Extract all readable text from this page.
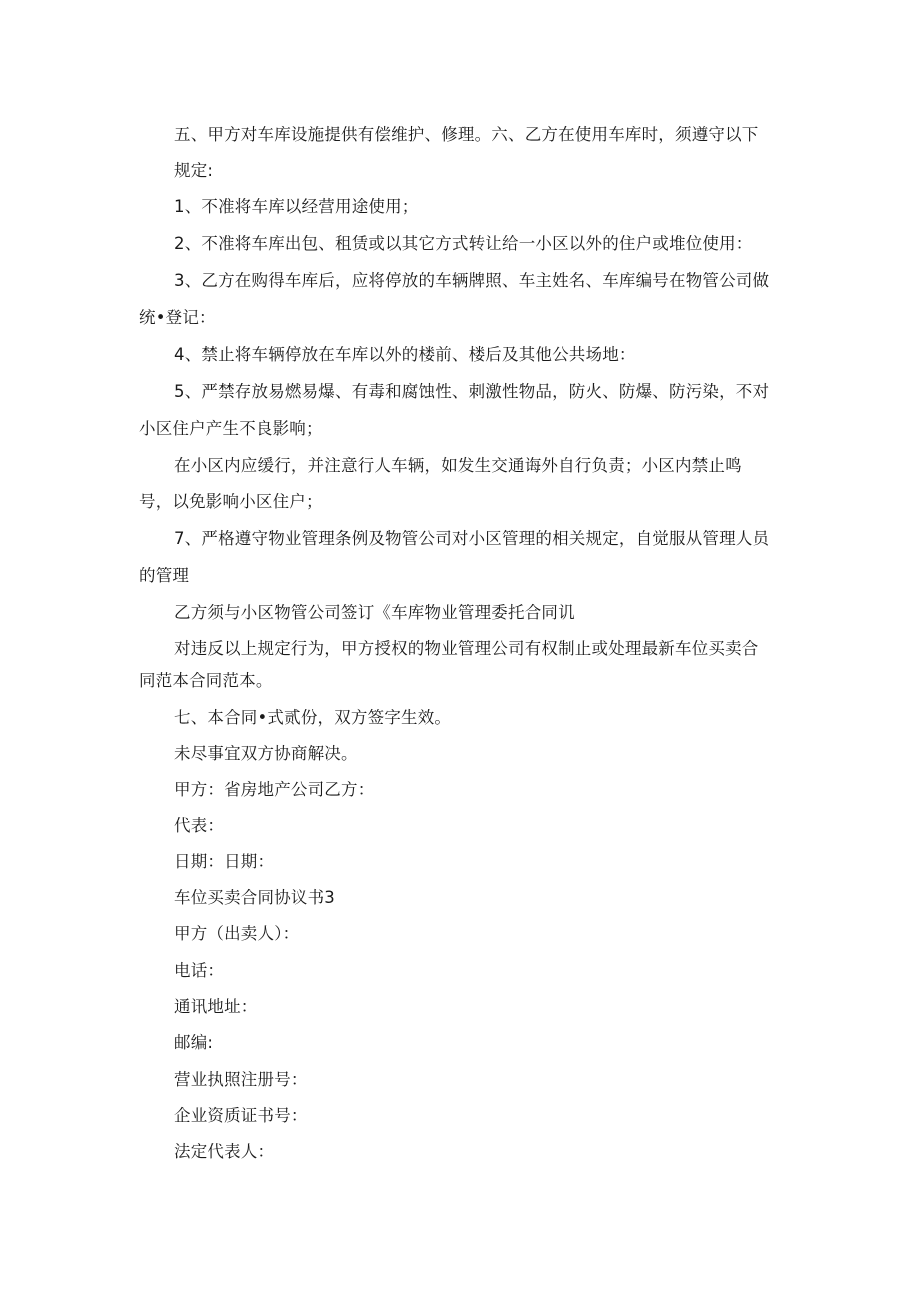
五、甲方对车库设施提供有偿维护、修理。六、乙方在使用车库时，须遵守以下
规定:
1、不准将车库以经营用途使用；
2、不准将车库出包、租赁或以其它方式转让给一小区以外的住户或堆位使用：
3、乙方在购得车库后，应将停放的车辆牌照、车主姓名、车库编号在物管公司做
统•登记：
4、禁止将车辆停放在车库以外的楼前、楼后及其他公共场地：
5、严禁存放易燃易爆、有毒和腐蚀性、刺激性物品，防火、防爆、防污染，不对
小区住户产生不良影响；
在小区内应缓行，并注意行人车辆，如发生交通诲外自行负责；小区内禁止鸣
号，以免影响小区住户；
7、严格遵守物业管理条例及物管公司对小区管理的相关规定，自觉服从管理人员
的管理
乙方须与小区物管公司签订《车库物业管理委托合同讥
对违反以上规定行为，甲方授权的物业管理公司有权制止或处理最新车位买卖合
同范本合同范本。
七、本合同•式贰份，双方签字生效。
未尽事宜双方协商解决。
甲方：省房地产公司乙方：
代表：
日期：日期：
车位买卖合同协议书3
甲方（出卖人）：
电话：
通讯地址：
邮编:
营业执照注册号：
企业资质证书号：
法定代表人：
